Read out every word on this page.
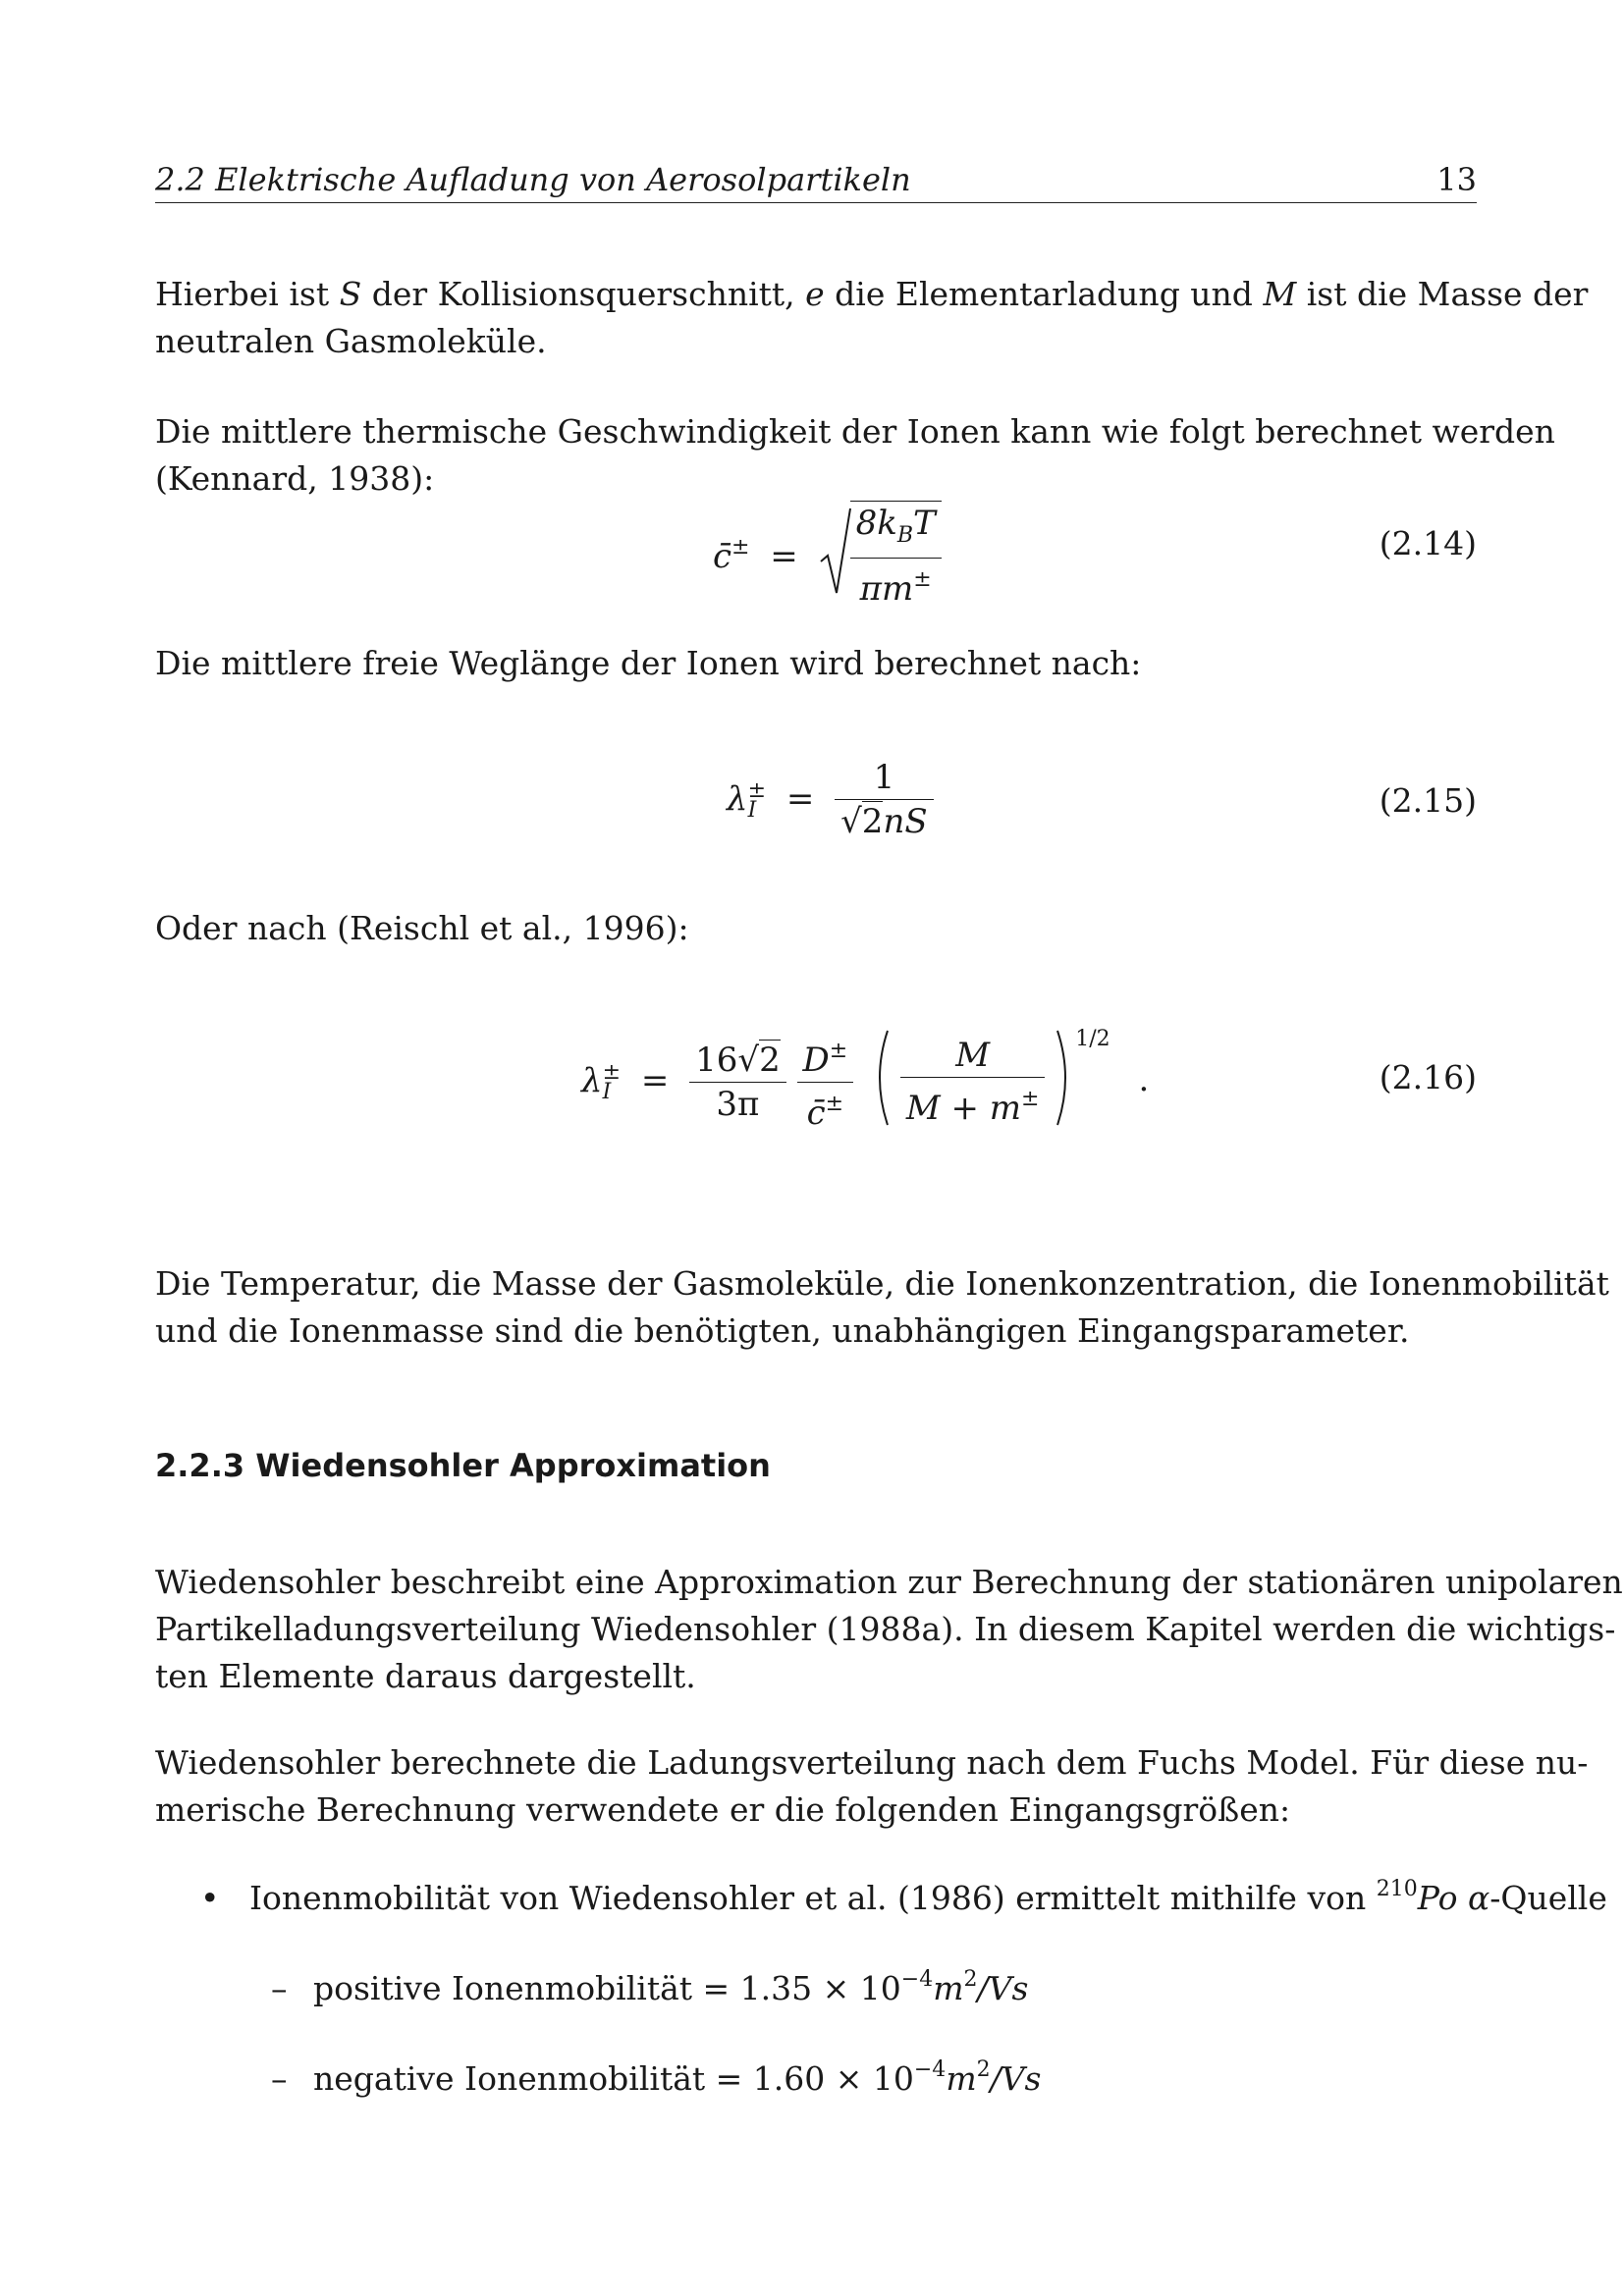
2.2 Elektrische Aufladung von Aerosolpartikeln	13
Hierbei ist S der Kollisionsquerschnitt, e die Elementarladung und M ist die Masse der
neutralen Gasmoleküle.
Die mittlere thermische Geschwindigkeit der Ionen kann wie folgt berechnet werden
(Kennard, 1938):
c̄± = $\frac{8k_BT}{\pi m^\pm}$	(2.14)
Die mittlere freie Weglänge der Ionen wird berechnet nach:
λ ±
$I = \frac{1}{√2nS}$	(2.15)
Oder nach (Reischl et al., 1996):
λ ±
$I = \frac{16√2}{3\pi}$
$\frac{D^\pm}{c̄^\pm}$
$\frac{M}{M + m^\pm} ^{1/2}$ .	(2.16)
Die Temperatur, die Masse der Gasmoleküle, die Ionenkonzentration, die Ionenmobilität
und die Ionenmasse sind die benötigten, unabhängigen Eingangsparameter.
2.2.3 Wiedensohler Approximation
Wiedensohler beschreibt eine Approximation zur Berechnung der stationären unipolaren
Partikelladungsverteilung Wiedensohler (1988a). In diesem Kapitel werden die wichtigs-
ten Elemente daraus dargestellt.
Wiedensohler berechnete die Ladungsverteilung nach dem Fuchs Model. Für diese nu-
merische Berechnung verwendete er die folgenden Eingangsgrößen:
• Ionenmobilität von Wiedensohler et al. (1986) ermittelt mithilfe von $^{210}$Po α-Quelle
– positive Ionenmobilität = $1.35 \times 10^{-4}m^2/Vs$
– negative Ionenmobilität = $1.60 \times 10^{-4}m^2/Vs$
